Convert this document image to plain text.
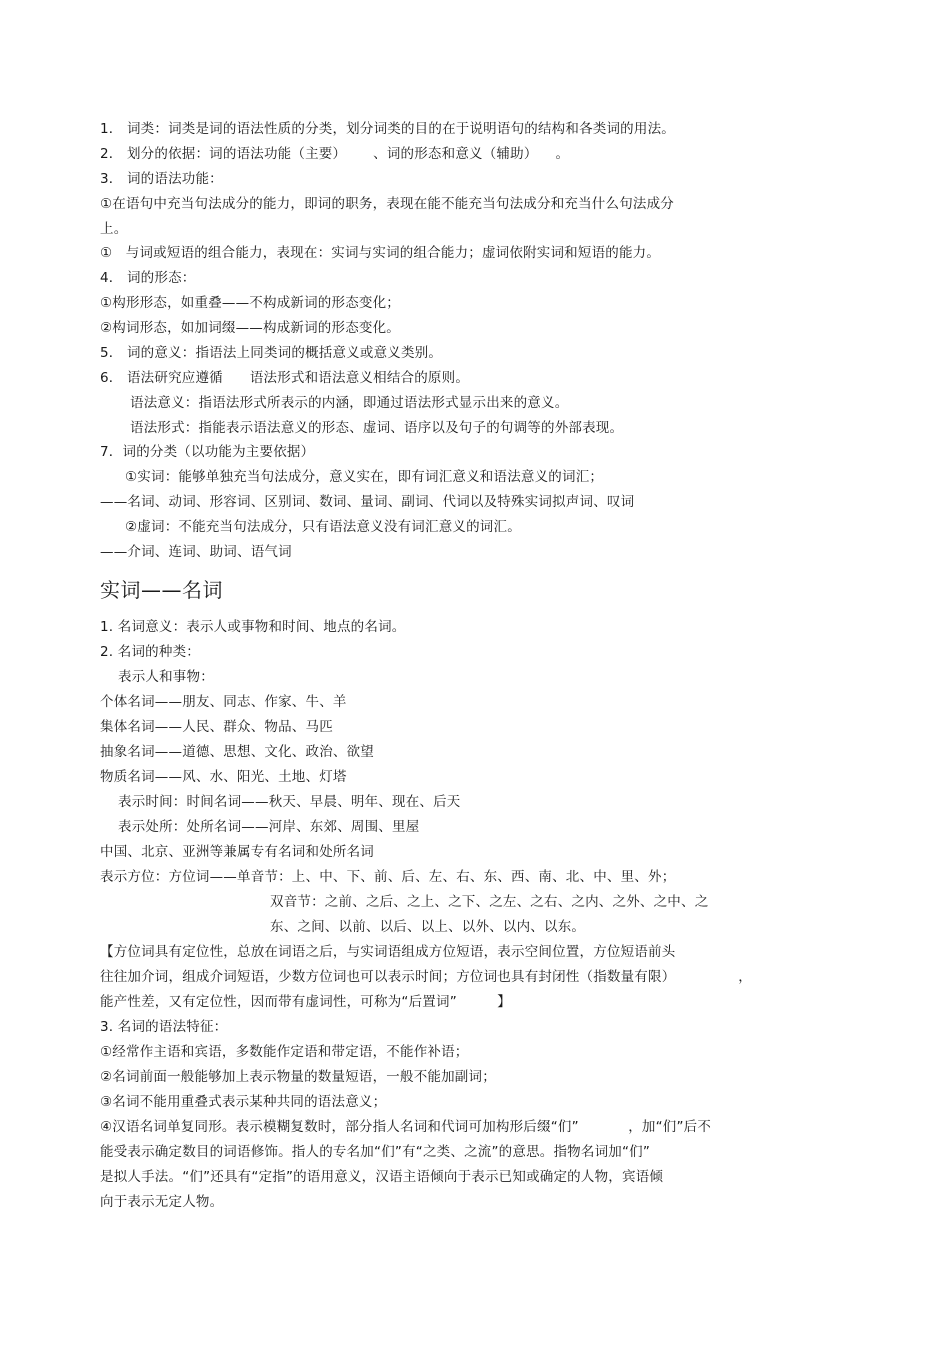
1． 词类：词类是词的语法性质的分类，划分词类的目的在于说明语句的结构和各类词的用法。
2． 划分的依据：词的语法功能（主要）      、词的形态和意义（辅助）    。
3． 词的语法功能：
①在语句中充当句法成分的能力，即词的职务，表现在能不能充当句法成分和充当什么句法成分
上。
①   与词或短语的组合能力，表现在：实词与实词的组合能力；虚词依附实词和短语的能力。
4． 词的形态：
①构形形态，如重叠——不构成新词的形态变化；
②构词形态，如加词缀——构成新词的形态变化。
5． 词的意义：指语法上同类词的概括意义或意义类别。
6． 语法研究应遵循      语法形式和语法意义相结合的原则。
语法意义：指语法形式所表示的内涵，即通过语法形式显示出来的意义。
语法形式：指能表示语法意义的形态、虚词、语序以及句子的句调等的外部表现。
7．词的分类（以功能为主要依据）
①实词：能够单独充当句法成分，意义实在，即有词汇意义和语法意义的词汇；
——名词、动词、形容词、区别词、数词、量词、副词、代词以及特殊实词拟声词、叹词
②虚词：不能充当句法成分，只有语法意义没有词汇意义的词汇。
——介词、连词、助词、语气词
实词——名词
1. 名词意义：表示人或事物和时间、地点的名词。
2. 名词的种类：
表示人和事物：
个体名词——朋友、同志、作家、牛、羊
集体名词——人民、群众、物品、马匹
抽象名词——道德、思想、文化、政治、欲望
物质名词——风、水、阳光、土地、灯塔
表示时间：时间名词——秋天、早晨、明年、现在、后天
表示处所：处所名词——河岸、东郊、周围、里屋
中国、北京、亚洲等兼属专有名词和处所名词
表示方位：方位词——单音节：上、中、下、前、后、左、右、东、西、南、北、中、里、外；
双音节：之前、之后、之上、之下、之左、之右、之内、之外、之中、之
东、之间、以前、以后、以上、以外、以内、以东。
【方位词具有定位性，总放在词语之后，与实词语组成方位短语，表示空间位置，方位短语前头
往往加介词，组成介词短语，少数方位词也可以表示时间；方位词也具有封闭性（指数量有限）              ，
能产性差，又有定位性，因而带有虚词性，可称为“后置词”         】
3. 名词的语法特征：
①经常作主语和宾语，多数能作定语和带定语，不能作补语；
②名词前面一般能够加上表示物量的数量短语，一般不能加副词；
③名词不能用重叠式表示某种共同的语法意义；
④汉语名词单复同形。表示模糊复数时，部分指人名词和代词可加构形后缀“们”           ，加“们”后不
能受表示确定数目的词语修饰。指人的专名加“们”有“之类、之流”的意思。指物名词加“们”
是拟人手法。“们”还具有“定指”的语用意义，汉语主语倾向于表示已知或确定的人物，宾语倾
向于表示无定人物。
